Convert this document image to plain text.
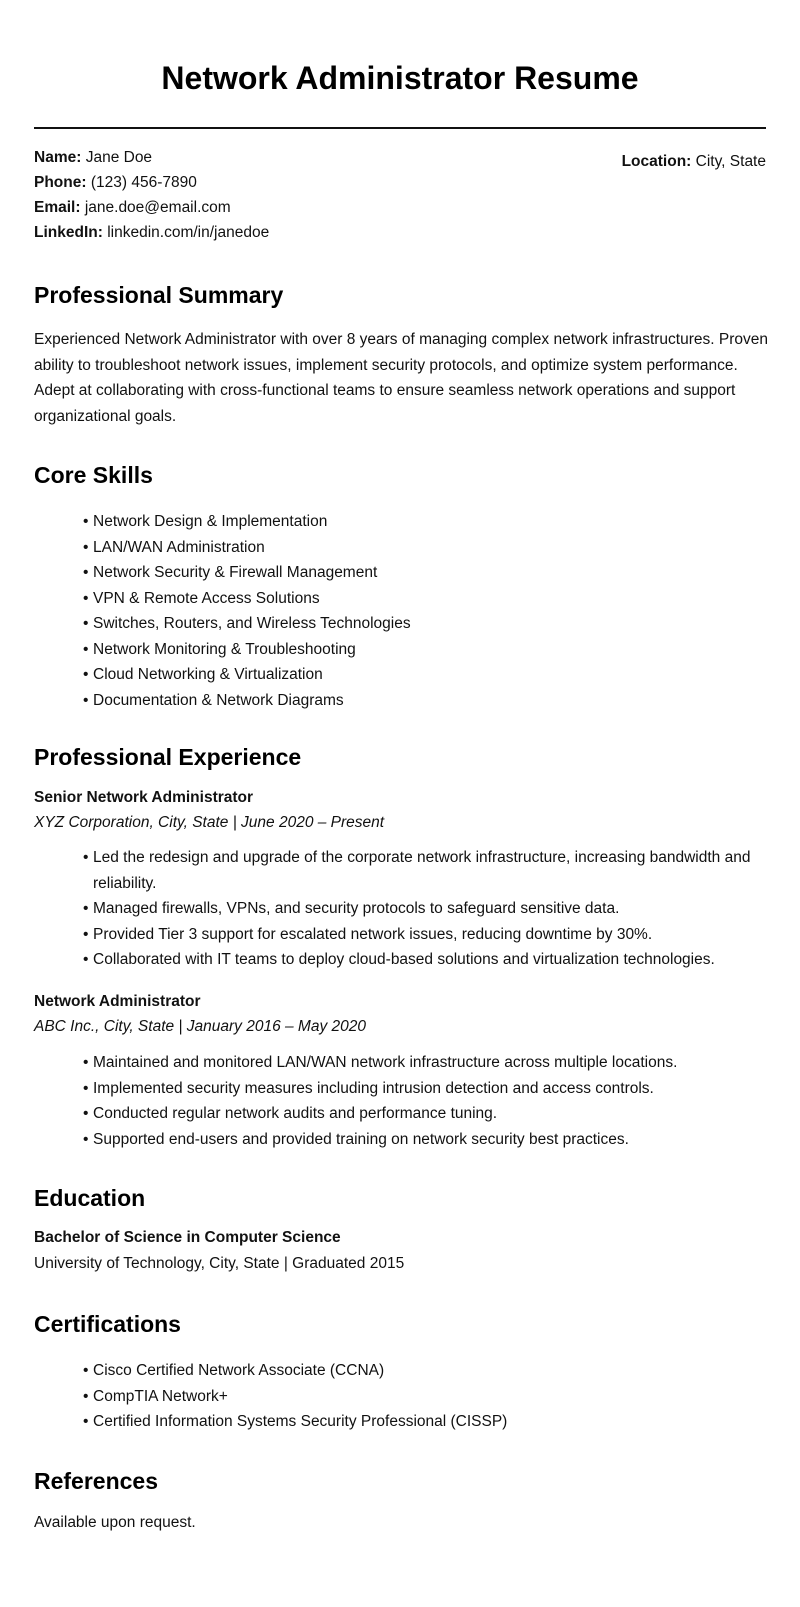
Network Administrator Resume
Name: Jane Doe	Location: City, State
Phone: (123) 456-7890
Email: jane.doe@email.com
LinkedIn: linkedin.com/in/janedoe
Professional Summary
Experienced Network Administrator with over 8 years of managing complex network infrastructures. Proven ability to troubleshoot network issues, implement security protocols, and optimize system performance. Adept at collaborating with cross-functional teams to ensure seamless network operations and support organizational goals.
Core Skills
• Network Design & Implementation
• LAN/WAN Administration
• Network Security & Firewall Management
• VPN & Remote Access Solutions
• Switches, Routers, and Wireless Technologies
• Network Monitoring & Troubleshooting
• Cloud Networking & Virtualization
• Documentation & Network Diagrams
Professional Experience
Senior Network Administrator
XYZ Corporation, City, State | June 2020 – Present
• Led the redesign and upgrade of the corporate network infrastructure, increasing bandwidth and reliability.
• Managed firewalls, VPNs, and security protocols to safeguard sensitive data.
• Provided Tier 3 support for escalated network issues, reducing downtime by 30%.
• Collaborated with IT teams to deploy cloud-based solutions and virtualization technologies.
Network Administrator
ABC Inc., City, State | January 2016 – May 2020
• Maintained and monitored LAN/WAN network infrastructure across multiple locations.
• Implemented security measures including intrusion detection and access controls.
• Conducted regular network audits and performance tuning.
• Supported end-users and provided training on network security best practices.
Education
Bachelor of Science in Computer Science
University of Technology, City, State | Graduated 2015
Certifications
• Cisco Certified Network Associate (CCNA)
• CompTIA Network+
• Certified Information Systems Security Professional (CISSP)
References
Available upon request.
